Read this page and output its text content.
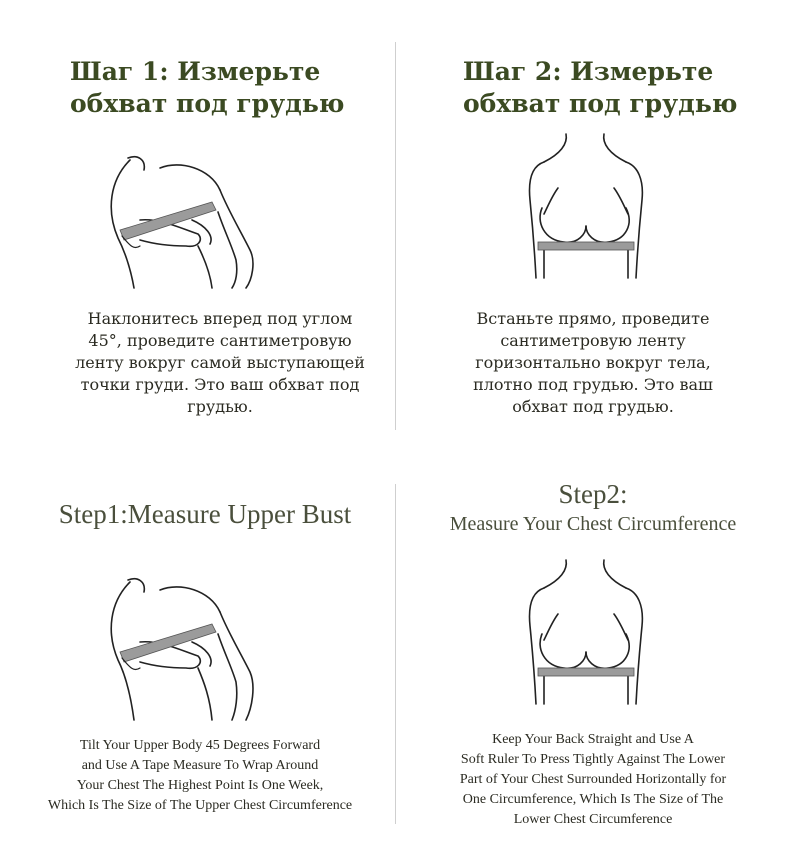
Шаг 1: Измерьте
обхват под грудью
Наклонитесь вперед под углом
45°, проведите сантиметровую
ленту вокруг самой выступающей
точки груди. Это ваш обхват под
грудью.
Шаг 2: Измерьте
обхват под грудью
Встаньте прямо, проведите
сантиметровую ленту
горизонтально вокруг тела,
плотно под грудью. Это ваш
обхват под грудью.
Step1:Measure Upper Bust
Tilt Your Upper Body 45 Degrees Forward
and Use A Tape Measure To Wrap Around
Your Chest The Highest Point Is One Week,
Which Is The Size of The Upper Chest Circumference
Step2:
Measure Your Chest Circumference
Keep Your Back Straight and Use A
Soft Ruler To Press Tightly Against The Lower
Part of Your Chest Surrounded Horizontally for
One Circumference, Which Is The Size of The
Lower Chest Circumference
